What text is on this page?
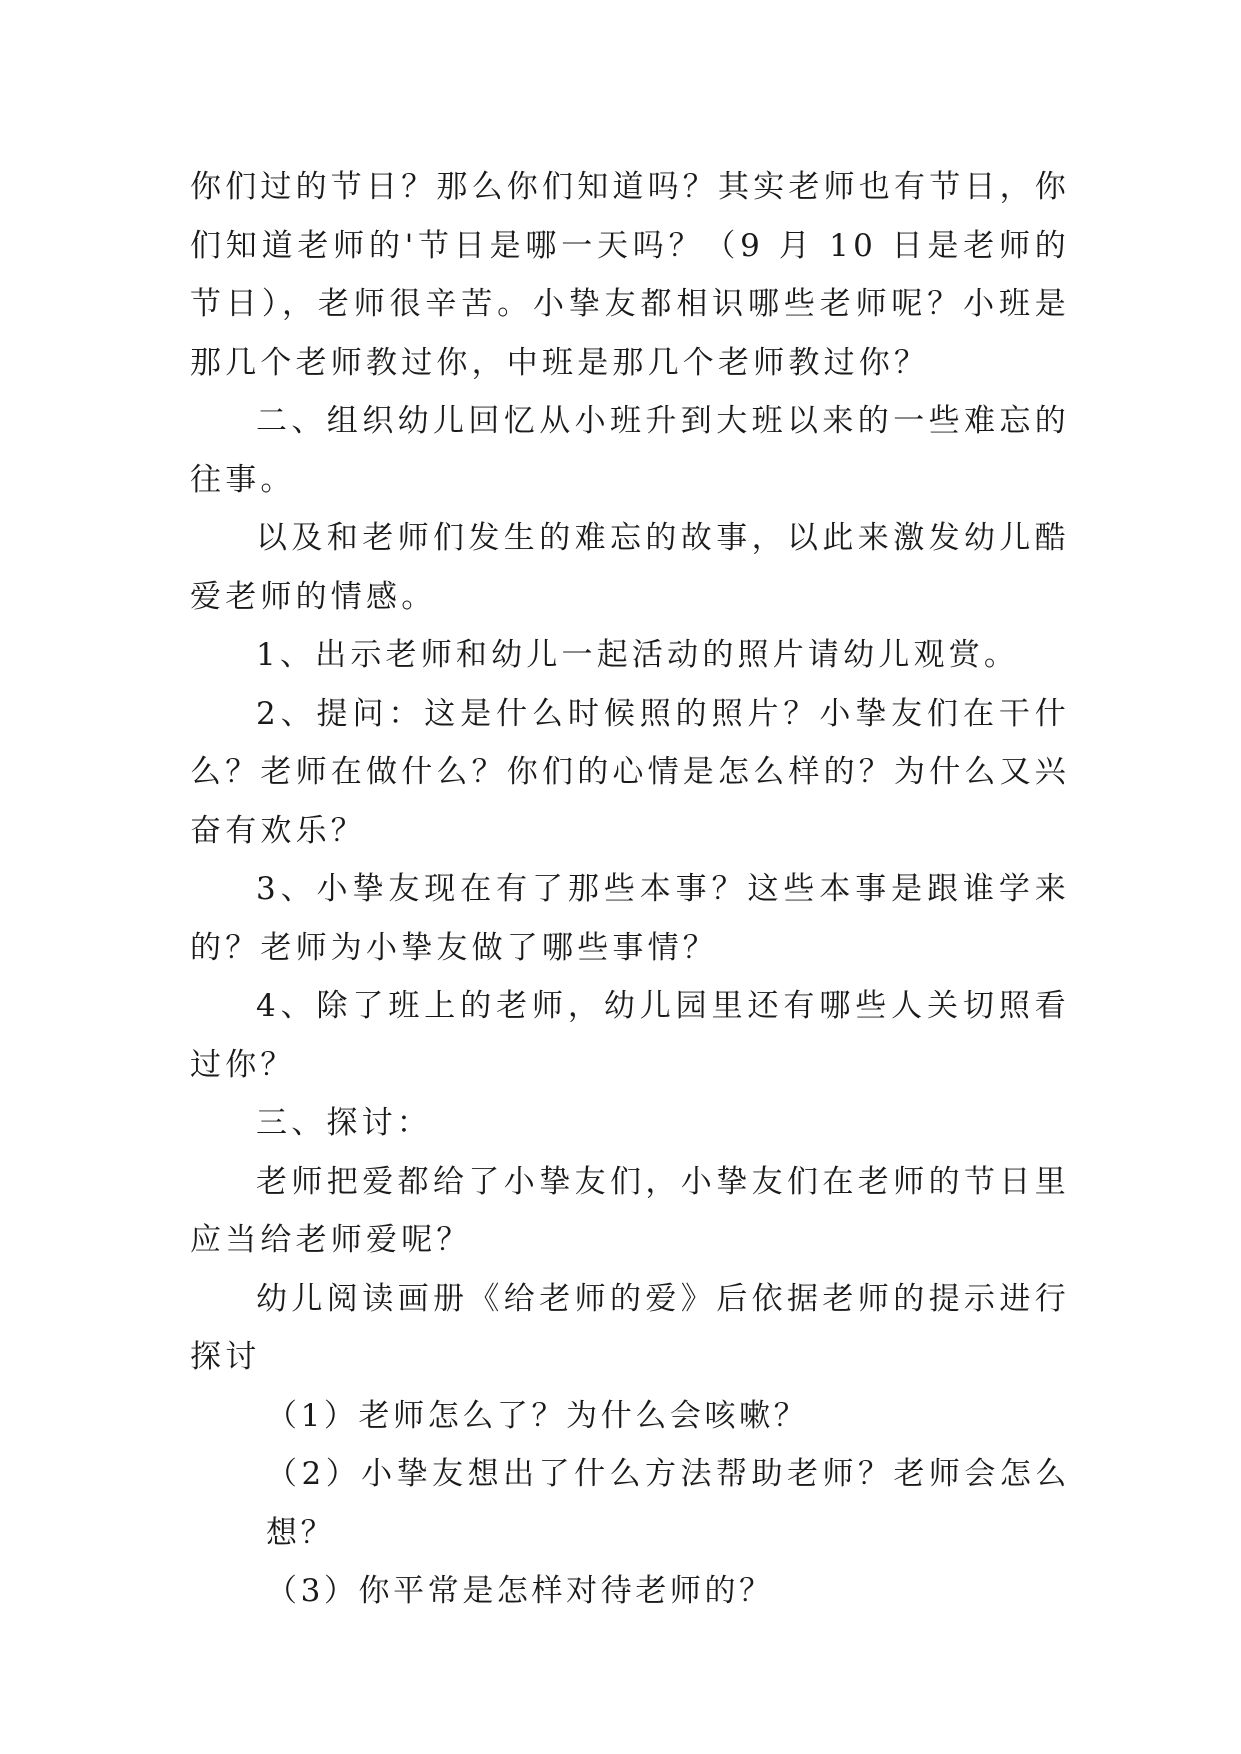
你们过的节日？那么你们知道吗？其实老师也有节日，你们知道老师的'节日是哪一天吗？（9 月 10 日是老师的节日），老师很辛苦。小挚友都相识哪些老师呢？小班是那几个老师教过你，中班是那几个老师教过你？

二、组织幼儿回忆从小班升到大班以来的一些难忘的往事。

以及和老师们发生的难忘的故事，以此来激发幼儿酷爱老师的情感。

1、出示老师和幼儿一起活动的照片请幼儿观赏。

2、提问：这是什么时候照的照片？小挚友们在干什么？老师在做什么？你们的心情是怎么样的？为什么又兴奋有欢乐？

3、小挚友现在有了那些本事？这些本事是跟谁学来的？老师为小挚友做了哪些事情？

4、除了班上的老师，幼儿园里还有哪些人关切照看过你？

三、探讨：

老师把爱都给了小挚友们，小挚友们在老师的节日里应当给老师爱呢？

幼儿阅读画册《给老师的爱》后依据老师的提示进行探讨

（1）老师怎么了？为什么会咳嗽？

（2）小挚友想出了什么方法帮助老师？老师会怎么想？

（3）你平常是怎样对待老师的？
